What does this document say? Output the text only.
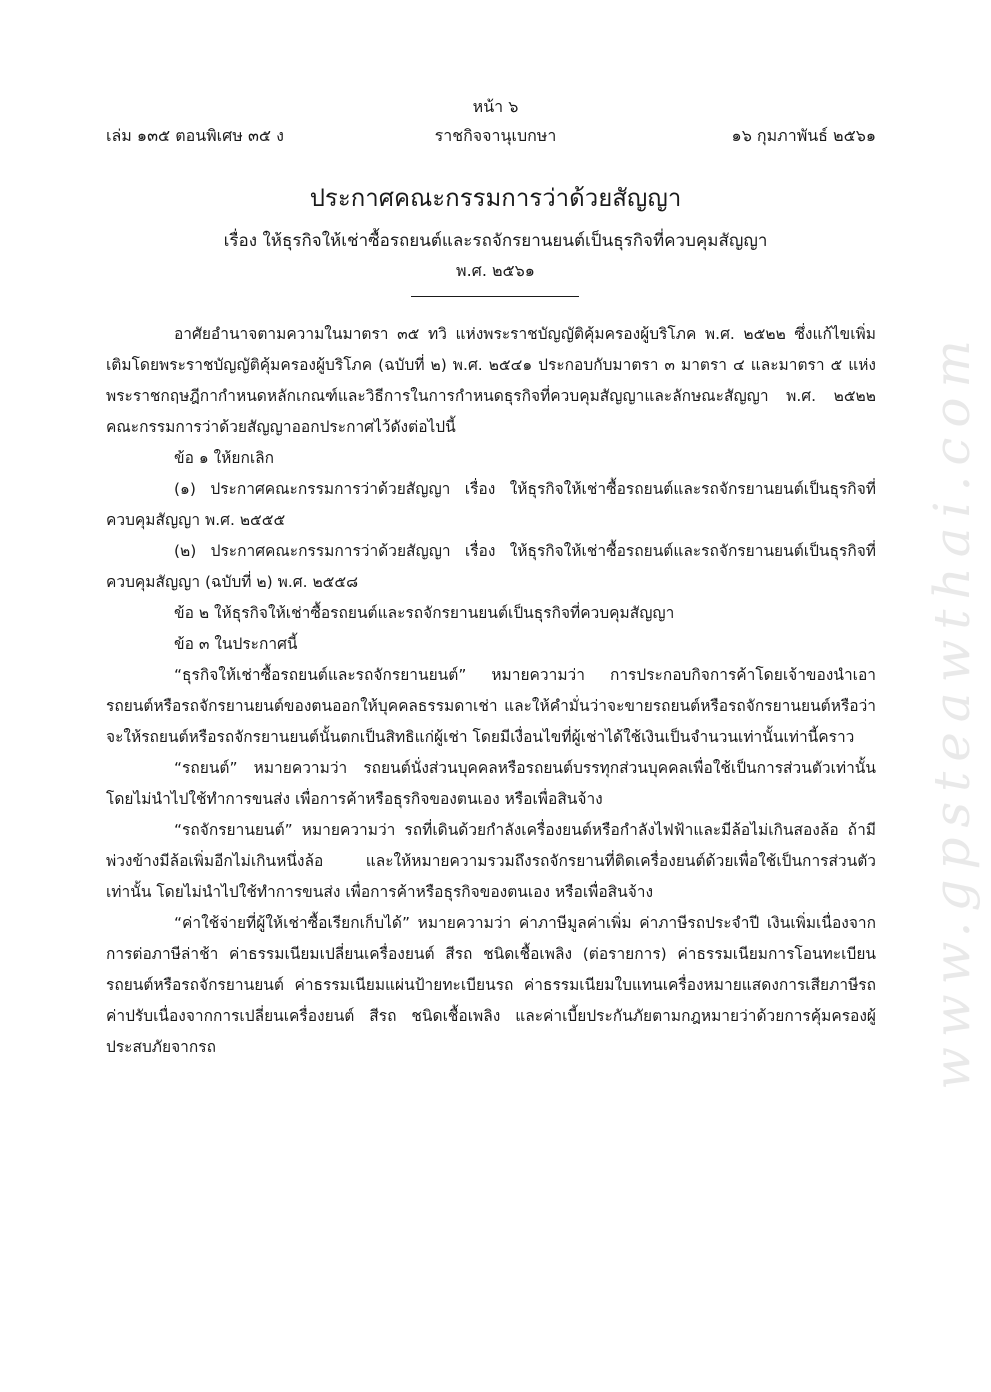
www.gpsteawthai.com
หน้า ๖
ราชกิจจานุเบกษา
เล่ม ๑๓๕ ตอนพิเศษ ๓๕ ง	๑๖ กุมภาพันธ์ ๒๕๖๑
ประกาศคณะกรรมการว่าด้วยสัญญา
เรื่อง ให้ธุรกิจให้เช่าซื้อรถยนต์และรถจักรยานยนต์เป็นธุรกิจที่ควบคุมสัญญา
พ.ศ. ๒๕๖๑

อาศัยอำนาจตามความในมาตรา ๓๕ ทวิ แห่งพระราชบัญญัติคุ้มครองผู้บริโภค พ.ศ. ๒๕๒๒ ซึ่งแก้ไขเพิ่มเติมโดยพระราชบัญญัติคุ้มครองผู้บริโภค (ฉบับที่ ๒) พ.ศ. ๒๕๔๑ ประกอบกับมาตรา ๓ มาตรา ๔ และมาตรา ๕ แห่งพระราชกฤษฎีกากำหนดหลักเกณฑ์และวิธีการในการกำหนดธุรกิจที่ควบคุมสัญญาและลักษณะสัญญา พ.ศ. ๒๕๒๒ คณะกรรมการว่าด้วยสัญญาออกประกาศไว้ดังต่อไปนี้

ข้อ ๑ ให้ยกเลิก

(๑) ประกาศคณะกรรมการว่าด้วยสัญญา เรื่อง ให้ธุรกิจให้เช่าซื้อรถยนต์และรถจักรยานยนต์เป็นธุรกิจที่ควบคุมสัญญา พ.ศ. ๒๕๕๕

(๒) ประกาศคณะกรรมการว่าด้วยสัญญา เรื่อง ให้ธุรกิจให้เช่าซื้อรถยนต์และรถจักรยานยนต์เป็นธุรกิจที่ควบคุมสัญญา (ฉบับที่ ๒) พ.ศ. ๒๕๕๘

ข้อ ๒ ให้ธุรกิจให้เช่าซื้อรถยนต์และรถจักรยานยนต์เป็นธุรกิจที่ควบคุมสัญญา

ข้อ ๓ ในประกาศนี้

“ธุรกิจให้เช่าซื้อรถยนต์และรถจักรยานยนต์” หมายความว่า การประกอบกิจการค้าโดยเจ้าของนำเอารถยนต์หรือรถจักรยานยนต์ของตนออกให้บุคคลธรรมดาเช่า และให้คำมั่นว่าจะขายรถยนต์หรือรถจักรยานยนต์หรือว่าจะให้รถยนต์หรือรถจักรยานยนต์นั้นตกเป็นสิทธิแก่ผู้เช่า โดยมีเงื่อนไขที่ผู้เช่าได้ใช้เงินเป็นจำนวนเท่านั้นเท่านี้คราว

“รถยนต์” หมายความว่า รถยนต์นั่งส่วนบุคคลหรือรถยนต์บรรทุกส่วนบุคคลเพื่อใช้เป็นการส่วนตัวเท่านั้น โดยไม่นำไปใช้ทำการขนส่ง เพื่อการค้าหรือธุรกิจของตนเอง หรือเพื่อสินจ้าง

“รถจักรยานยนต์” หมายความว่า รถที่เดินด้วยกำลังเครื่องยนต์หรือกำลังไฟฟ้าและมีล้อไม่เกินสองล้อ ถ้ามีพ่วงข้างมีล้อเพิ่มอีกไม่เกินหนึ่งล้อ และให้หมายความรวมถึงรถจักรยานที่ติดเครื่องยนต์ด้วยเพื่อใช้เป็นการส่วนตัวเท่านั้น โดยไม่นำไปใช้ทำการขนส่ง เพื่อการค้าหรือธุรกิจของตนเอง หรือเพื่อสินจ้าง

“ค่าใช้จ่ายที่ผู้ให้เช่าซื้อเรียกเก็บได้” หมายความว่า ค่าภาษีมูลค่าเพิ่ม ค่าภาษีรถประจำปี เงินเพิ่มเนื่องจากการต่อภาษีล่าช้า ค่าธรรมเนียมเปลี่ยนเครื่องยนต์ สีรถ ชนิดเชื้อเพลิง (ต่อรายการ) ค่าธรรมเนียมการโอนทะเบียนรถยนต์หรือรถจักรยานยนต์ ค่าธรรมเนียมแผ่นป้ายทะเบียนรถ ค่าธรรมเนียมใบแทนเครื่องหมายแสดงการเสียภาษีรถ ค่าปรับเนื่องจากการเปลี่ยนเครื่องยนต์ สีรถ ชนิดเชื้อเพลิง และค่าเบี้ยประกันภัยตามกฎหมายว่าด้วยการคุ้มครองผู้ประสบภัยจากรถ
